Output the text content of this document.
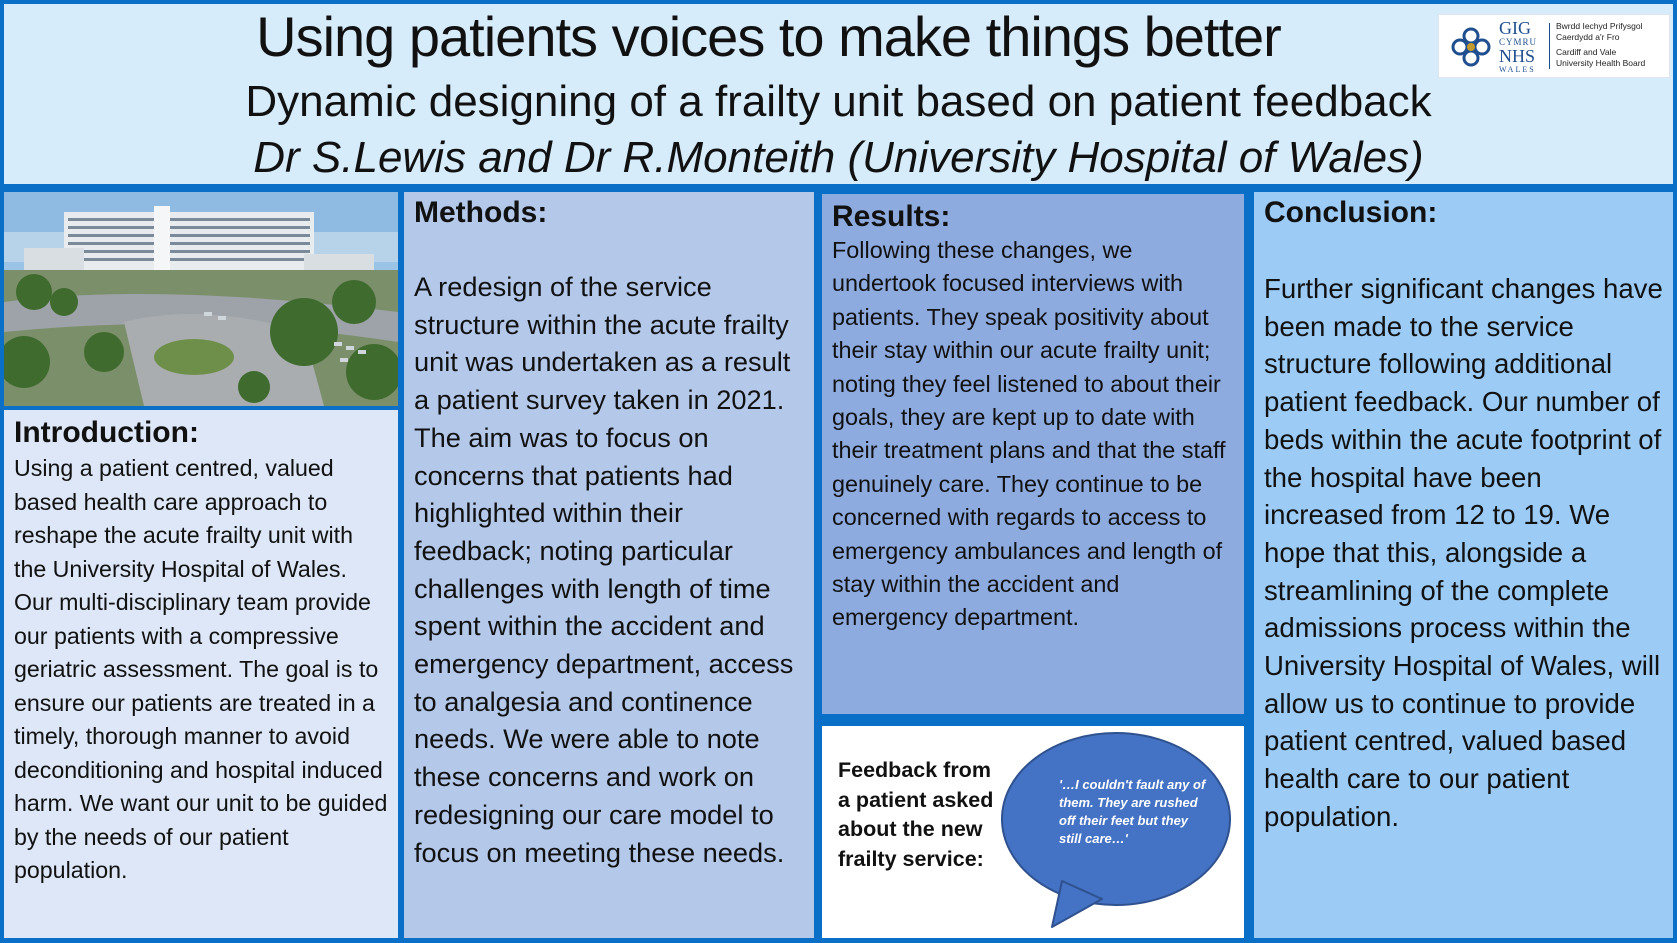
Using patients voices to make things better
Dynamic designing of a frailty unit based on patient feedback
Dr S.Lewis and Dr R.Monteith (University Hospital of Wales)
GIG
CYMRU
NHS
WALES
Bwrdd Iechyd Prifysgol
Caerdydd a'r Fro
Cardiff and Vale
University Health Board

Introduction:

Using a patient centred, valued based health care approach to reshape the acute frailty unit with the University Hospital of Wales. Our multi-disciplinary team provide our patients with a compressive geriatric assessment. The goal is to ensure our patients are treated in a timely, thorough manner to avoid deconditioning and hospital induced harm. We want our unit to be guided by the needs of our patient population.

Methods:

A redesign of the service structure within the acute frailty unit was undertaken as a result a patient survey taken in 2021. The aim was to focus on concerns that patients had highlighted within their feedback; noting particular challenges with length of time spent within the accident and emergency department, access to analgesia and continence needs. We were able to note these concerns and work on redesigning our care model to focus on meeting these needs.

Results:

Following these changes, we undertook focused interviews with patients. They speak positivity about their stay within our acute frailty unit; noting they feel listened to about their goals, they are kept up to date with their treatment plans and that the staff genuinely care. They continue to be concerned with regards to access to emergency ambulances and length of stay within the accident and emergency department.
Feedback from a patient asked about the new frailty service:
'…I couldn't fault any of them. They are rushed off their feet but they still care…'

Conclusion:

Further significant changes have been made to the service structure following additional patient feedback. Our number of beds within the acute footprint of the hospital have been increased from 12 to 19. We hope that this, alongside a streamlining of the complete admissions process within the University Hospital of Wales, will allow us to continue to provide patient centred, valued based health care to our patient population.
